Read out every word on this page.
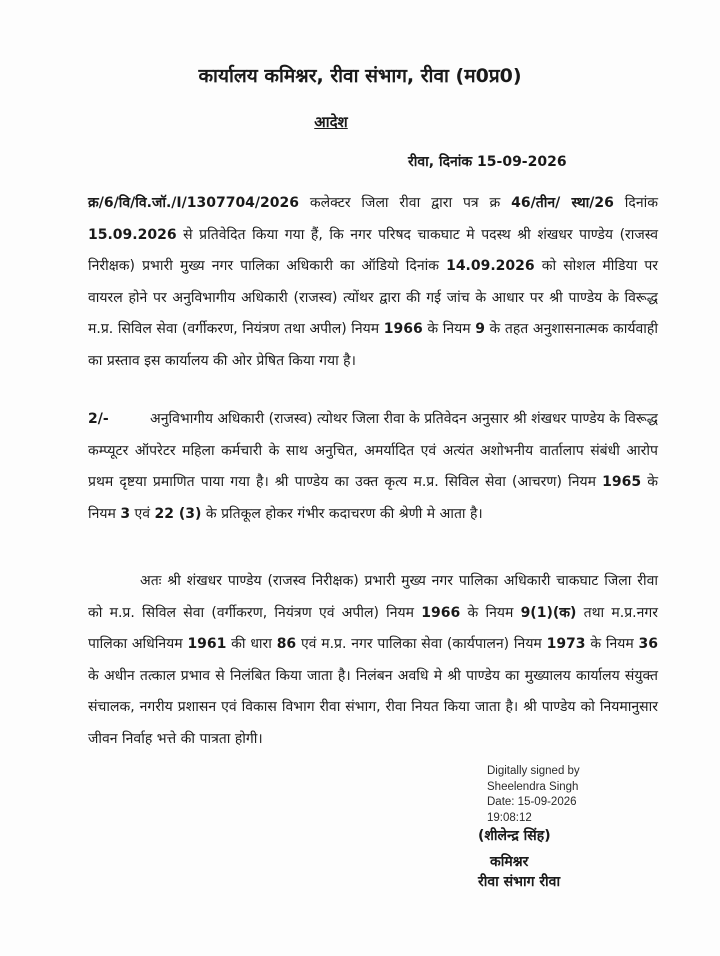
कार्यालय कमिश्नर, रीवा संभाग, रीवा (म0प्र0)
आदेश
रीवा, दिनांक 15-09-2026
क्र/6/वि/वि.जॉ./I/1307704/2026 कलेक्टर जिला रीवा द्वारा पत्र क्र 46/तीन/ स्था/26 दिनांक 15.09.2026 से प्रतिवेदित किया गया हैं, कि नगर परिषद चाकघाट मे पदस्थ श्री शंखधर पाण्डेय (राजस्व निरीक्षक) प्रभारी मुख्य नगर पालिका अधिकारी का ऑडियो दिनांक 14.09.2026 को सोशल मीडिया पर वायरल होने पर अनुविभागीय अधिकारी (राजस्व) त्योंथर द्वारा की गई जांच के आधार पर श्री पाण्डेय के विरूद्ध म.प्र. सिविल सेवा (वर्गीकरण, नियंत्रण तथा अपील) नियम 1966 के नियम 9 के तहत अनुशासनात्मक कार्यवाही का प्रस्ताव इस कार्यालय की ओर प्रेषित किया गया है।
2/-	अनुविभागीय अधिकारी (राजस्व) त्योथर जिला रीवा के प्रतिवेदन अनुसार श्री शंखधर पाण्डेय के विरूद्ध कम्प्यूटर ऑपरेटर महिला कर्मचारी के साथ अनुचित, अमर्यादित एवं अत्यंत अशोभनीय वार्तालाप संबंधी आरोप प्रथम दृष्टया प्रमाणित पाया गया है। श्री पाण्डेय का उक्त कृत्य म.प्र. सिविल सेवा (आचरण) नियम 1965 के नियम 3 एवं 22 (3) के प्रतिकूल होकर गंभीर कदाचरण की श्रेणी मे आता है।
अतः श्री शंखधर पाण्डेय (राजस्व निरीक्षक) प्रभारी मुख्य नगर पालिका अधिकारी चाकघाट जिला रीवा को म.प्र. सिविल सेवा (वर्गीकरण, नियंत्रण एवं अपील) नियम 1966 के नियम 9(1)(क) तथा म.प्र.नगर पालिका अधिनियम 1961 की धारा 86 एवं म.प्र. नगर पालिका सेवा (कार्यपालन) नियम 1973 के नियम 36 के अधीन तत्काल प्रभाव से निलंबित किया जाता है। निलंबन अवधि मे श्री पाण्डेय का मुख्यालय कार्यालय संयुक्त संचालक, नगरीय प्रशासन एवं विकास विभाग रीवा संभाग, रीवा नियत किया जाता है। श्री पाण्डेय को नियमानुसार जीवन निर्वाह भत्ते की पात्रता होगी।
Digitally signed by
Sheelendra Singh
Date: 15-09-2026
19:08:12
(शीलेन्द्र सिंह)
कमिश्नर
रीवा संभाग रीवा
